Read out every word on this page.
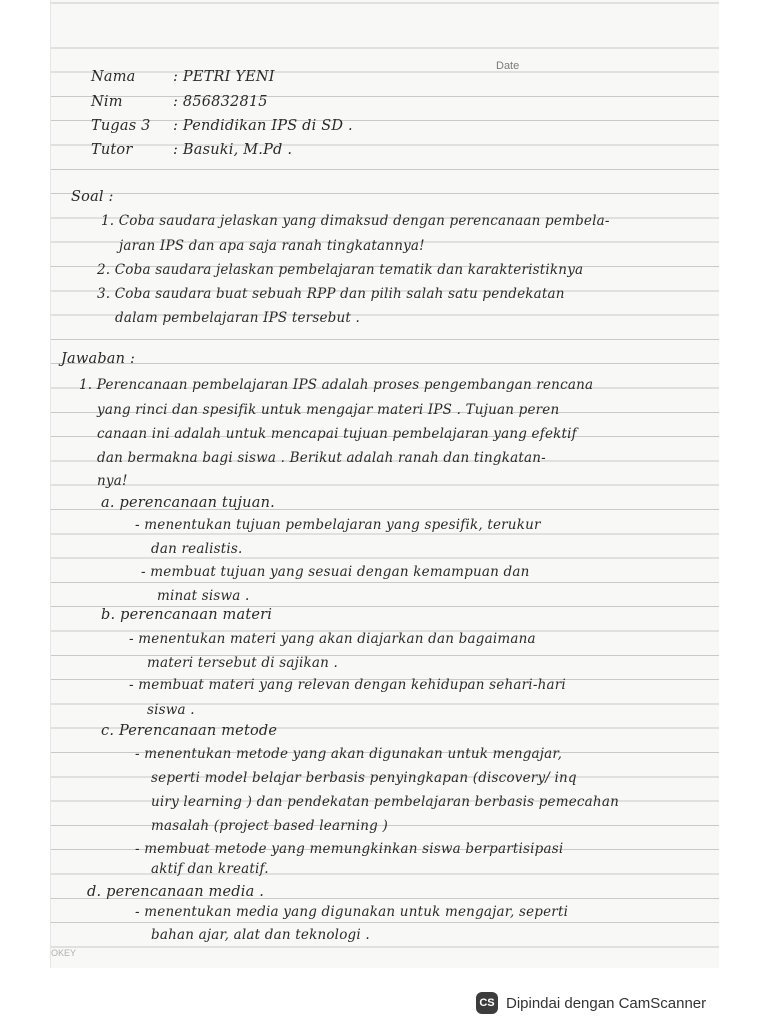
Date
Nama	: PETRI YENI
Nim	: 856832815
Tugas 3 : Pendidikan IPS di SD .
Tutor	: Basuki, M.Pd .
Soal :
1. Coba saudara jelaskan yang dimaksud dengan perencanaan pembela-
jaran IPS dan apa saja ranah tingkatannya!
2. Coba saudara jelaskan pembelajaran tematik dan karakteristiknya
3. Coba saudara buat sebuah RPP dan pilih salah satu pendekatan
dalam pembelajaran IPS tersebut .
Jawaban :
1. Perencanaan pembelajaran IPS adalah proses pengembangan rencana
yang rinci dan spesifik untuk mengajar materi IPS . Tujuan peren
canaan ini adalah untuk mencapai tujuan pembelajaran yang efektif
dan bermakna bagi siswa . Berikut adalah ranah dan tingkatan-
nya!
a. perencanaan tujuan.
- menentukan tujuan pembelajaran yang spesifik, terukur
dan realistis.
- membuat tujuan yang sesuai dengan kemampuan dan
minat siswa .
b. perencanaan materi
- menentukan materi yang akan diajarkan dan bagaimana
materi tersebut di sajikan .
- membuat materi yang relevan dengan kehidupan sehari-hari
siswa .
c. Perencanaan metode
- menentukan metode yang akan digunakan untuk mengajar,
seperti model belajar berbasis penyingkapan (discovery/ inq
uiry learning ) dan pendekatan pembelajaran berbasis pemecahan
masalah (project based learning )
- membuat metode yang memungkinkan siswa berpartisipasi
aktif dan kreatif.
d. perencanaan media .
- menentukan media yang digunakan untuk mengajar, seperti
bahan ajar, alat dan teknologi .
OKEY
CS Dipindai dengan CamScanner
